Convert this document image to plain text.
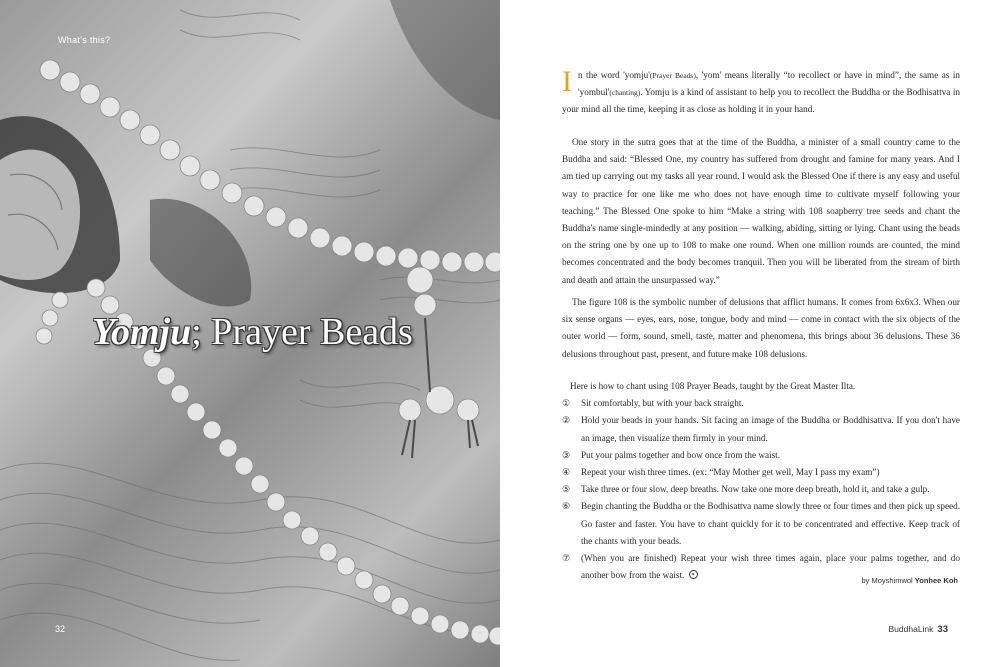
What's this?
Yomju; Prayer Beads
32
In the word 'yomju'(Prayer Beads), 'yom' means literally “to recollect or have in mind”, the same as in 'yombul'(chanting). Yomju is a kind of assistant to help you to recollect the Buddha or the Bodhisattva in your mind all the time, keeping it as close as holding it in your hand.
One story in the sutra goes that at the time of the Buddha, a minister of a small country came to the Buddha and said: “Blessed One, my country has suffered from drought and famine for many years. And I am tied up carrying out my tasks all year round. I would ask the Blessed One if there is any easy and useful way to practice for one like me who does not have enough time to cultivate myself following your teaching.” The Blessed One spoke to him “Make a string with 108 soapberry tree seeds and chant the Buddha's name single-mindedly at any position — walking, abiding, sitting or lying. Chant using the beads on the string one by one up to 108 to make one round. When one million rounds are counted, the mind becomes concentrated and the body becomes tranquil. Then you will be liberated from the stream of birth and death and attain the unsurpassed way.”
The figure 108 is the symbolic number of delusions that afflict humans. It comes from 6x6x3. When our six sense organs — eyes, ears, nose, tongue, body and mind — come in contact with the six objects of the outer world — form, sound, smell, taste, matter and phenomena, this brings about 36 delusions. These 36 delusions throughout past, present, and future make 108 delusions.
Here is how to chant using 108 Prayer Beads, taught by the Great Master Ilta.
① Sit comfortably, but with your back straight.
② Hold your beads in your hands. Sit facing an image of the Buddha or Boddhisattva. If you don't have an image, then visualize them firmly in your mind.
③ Put your palms together and bow once from the waist.
④ Repeat your wish three times. (ex: “May Mother get well, May I pass my exam”)
⑤ Take three or four slow, deep breaths. Now take one more deep breath, hold it, and take a gulp.
⑥ Begin chanting the Buddha or the Bodhisattva name slowly three or four times and then pick up speed. Go faster and faster. You have to chant quickly for it to be concentrated and effective. Keep track of the chants with your beads.
⑦ (When you are finished) Repeat your wish three times again, place your palms together, and do another bow from the waist.
by Moyshimwol Yonhee Koh
BuddhaLink 33
